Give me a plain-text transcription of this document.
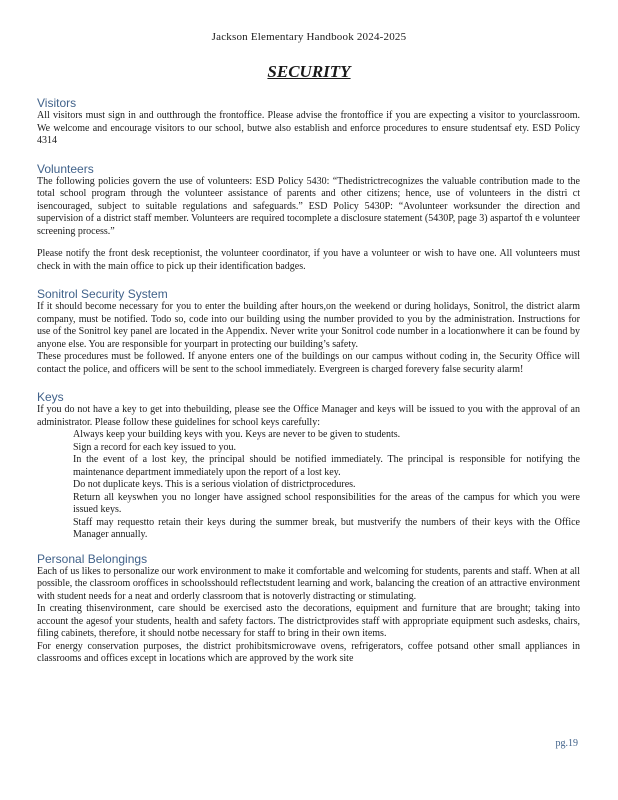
Jackson Elementary Handbook 2024-2025
SECURITY
Visitors

All visitors must sign in and outthrough the frontoffice. Please advise the frontoffice if you are expecting a visitor to yourclassroom. We welcome and encourage visitors to our school, butwe also establish and enforce procedures to ensure studentsaf ety. ESD Policy 4314

Volunteers

The following policies govern the use of volunteers: ESD Policy 5430: “Thedistrictrecognizes the valuable contribution made to the total school program through the volunteer assistance of parents and other citizens; hence, use of volunteers in the distri ct isencouraged, subject to suitable regulations and safeguards.” ESD Policy 5430P: “Avolunteer worksunder the direction and supervision of a district staff member. Volunteers are required tocomplete a disclosure statement (5430P, page 3) aspartof th e volunteer screening process.”

Please notify the front desk receptionist, the volunteer coordinator, if you have a volunteer or wish to have one. All volunteers must check in with the main office to pick up their identification badges.

Sonitrol Security System

If it should become necessary for you to enter the building after hours,on the weekend or during holidays, Sonitrol, the district alarm company, must be notified. Todo so, code into our building using the number provided to you by the administration. Instructions for use of the Sonitrol key panel are located in the Appendix. Never write your Sonitrol code number in a locationwhere it can be found by anyone else. You are responsible for yourpart in protecting our building’s safety.

These procedures must be followed. If anyone enters one of the buildings on our campus without coding in, the Security Office will contact the police, and officers will be sent to the school immediately. Evergreen is charged forevery false security alarm!

Keys

If you do not have a key to get into thebuilding, please see the Office Manager and keys will be issued to you with the approval of an administrator. Please follow these guidelines for school keys carefully:

Always keep your building keys with you. Keys are never to be given to students.
Sign a record for each key issued to you.
In the event of a lost key, the principal should be notified immediately. The principal is responsible for notifying the maintenance department immediately upon the report of a lost key.
Do not duplicate keys. This is a serious violation of districtprocedures.
Return all keyswhen you no longer have assigned school responsibilities for the areas of the campus for which you were issued keys.
Staff may requestto retain their keys during the summer break, but mustverify the numbers of their keys with the Office Manager annually.
Personal Belongings

Each of us likes to personalize our work environment to make it comfortable and welcoming for students, parents and staff. When at all possible, the classroom oroffices in schoolsshould reflectstudent learning and work, balancing the creation of an attractive environment with student needs for a neat and orderly classroom that is notoverly distracting or stimulating.

In creating thisenvironment, care should be exercised asto the decorations, equipment and furniture that are brought; taking into account the agesof your students, health and safety factors. The districtprovides staff with appropriate equipment such asdesks, chairs, filing cabinets, therefore, it should notbe necessary for staff to bring in their own items.

For energy conservation purposes, the district prohibitsmicrowave ovens, refrigerators, coffee potsand other small appliances in classrooms and offices except in locations which are approved by the work site

pg.19
